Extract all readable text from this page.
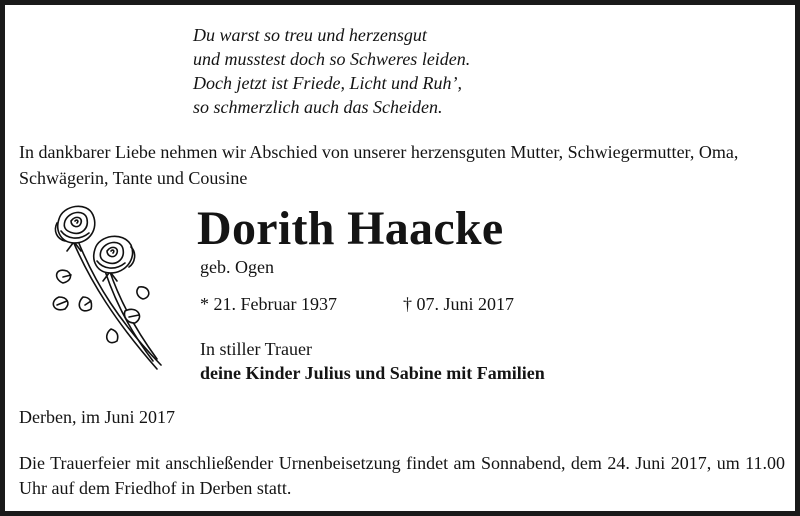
Du warst so treu und herzensgut
und musstest doch so Schweres leiden.
Doch jetzt ist Friede, Licht und Ruh’,
so schmerzlich auch das Scheiden.
In dankbarer Liebe nehmen wir Abschied von unserer herzensguten Mutter, Schwiegermutter, Oma, Schwägerin, Tante und Cousine
Dorith Haacke
geb. Ogen
* 21. Februar 1937	† 07. Juni 2017
In stiller Trauer
deine Kinder Julius und Sabine mit Familien
Derben, im Juni 2017
Die Trauerfeier mit anschließender Urnenbeisetzung findet am Sonnabend, dem 24. Juni 2017, um 11.00 Uhr auf dem Friedhof in Derben statt.
